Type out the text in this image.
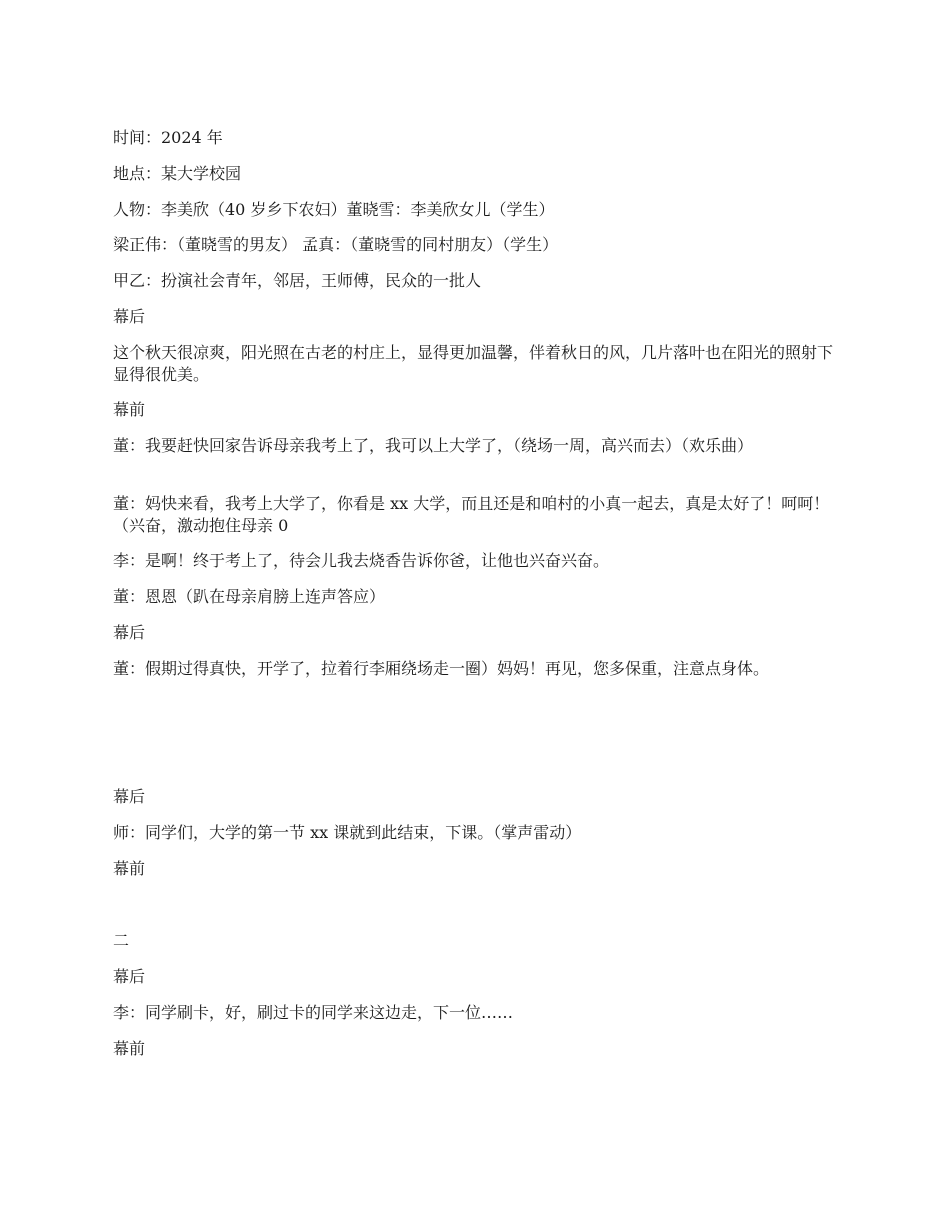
时间：2024 年
地点：某大学校园
人物：李美欣（40 岁乡下农妇）董晓雪：李美欣女儿（学生）
梁正伟：（董晓雪的男友） 孟真：（董晓雪的同村朋友）（学生）
甲乙：扮演社会青年，邻居，王师傅，民众的一批人
幕后
这个秋天很凉爽，阳光照在古老的村庄上，显得更加温馨，伴着秋日的风，几片落叶也在阳光的照射下显得很优美。
幕前
董：我要赶快回家告诉母亲我考上了，我可以上大学了，（绕场一周，高兴而去）（欢乐曲）
董：妈快来看，我考上大学了，你看是 xx 大学，而且还是和咱村的小真一起去，真是太好了！呵呵！（兴奋，激动抱住母亲 0
李：是啊！终于考上了，待会儿我去烧香告诉你爸，让他也兴奋兴奋。
董：恩恩（趴在母亲肩膀上连声答应）
幕后
董：假期过得真快，开学了，拉着行李厢绕场走一圈）妈妈！再见，您多保重，注意点身体。
幕后
师：同学们，大学的第一节 xx 课就到此结束，下课。（掌声雷动）
幕前
二
幕后
李：同学刷卡，好，刷过卡的同学来这边走，下一位……
幕前
